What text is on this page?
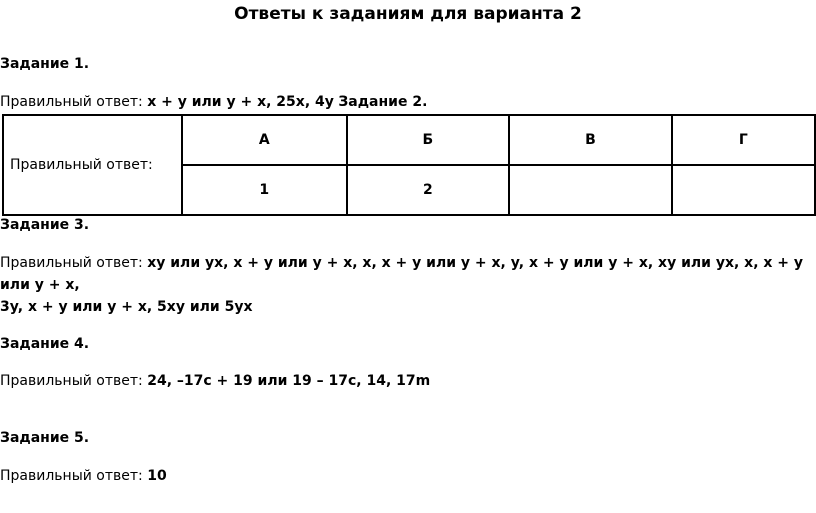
Ответы к заданиям для варианта 2
Задание 1.
Правильный ответ: x + y или y + x, 25x, 4y Задание 2.
Правильный ответ:	А	Б	В	Г
	1	2		
Задание 3.
Правильный ответ: xy или yx, x + y или y + x, x, x + y или y + x, y, x + y или y + x, xy или yx, x, x + y или y + x,
3y, x + y или y + x, 5xy или 5yx
Задание 4.
Правильный ответ: 24, –17c + 19 или 19 – 17c, 14, 17m
Задание 5.
Правильный ответ: 10
